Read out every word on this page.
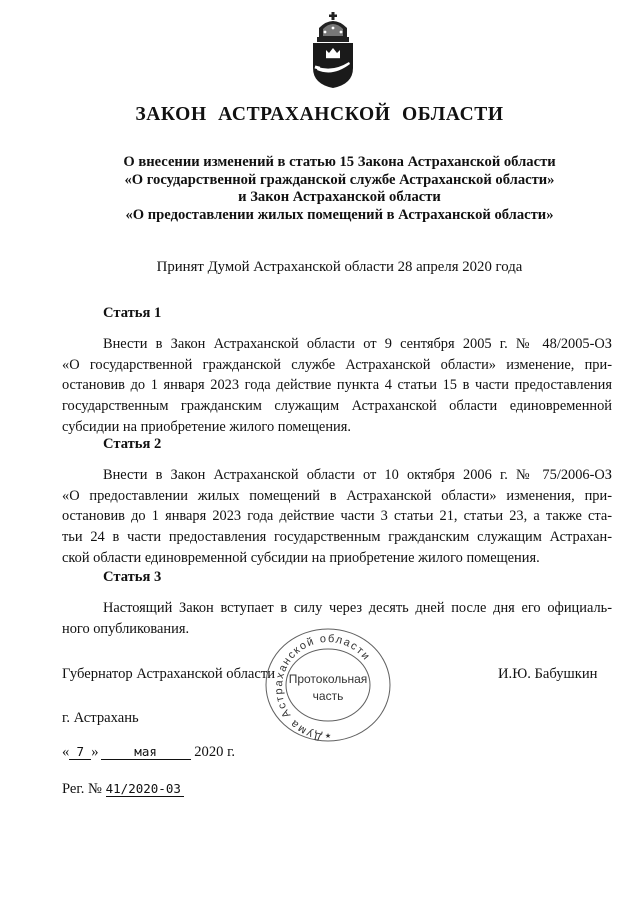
ЗАКОН АСТРАХАНСКОЙ ОБЛАСТИ
О внесении изменений в статью 15 Закона Астраханской области
«О государственной гражданской службе Астраханской области»
и Закон Астраханской области
«О предоставлении жилых помещений в Астраханской области»
Принят Думой Астраханской области 28 апреля 2020 года
Статья 1
Внести в Закон Астраханской области от 9 сентября 2005 г. № 48/2005-ОЗ
«О государственной гражданской службе Астраханской области» изменение, при-
остановив до 1 января 2023 года действие пункта 4 статьи 15 в части предоставления
государственным гражданским служащим Астраханской области единовременной
субсидии на приобретение жилого помещения.
Статья 2
Внести в Закон Астраханской области от 10 октября 2006 г. № 75/2006-ОЗ
«О предоставлении жилых помещений в Астраханской области» изменения, при-
остановив до 1 января 2023 года действие части 3 статьи 21, статьи 23, а также ста-
тьи 24 в части предоставления государственным гражданским служащим Астрахан-
ской области единовременной субсидии на приобретение жилого помещения.
Статья 3
Настоящий Закон вступает в силу через десять дней после дня его официаль-
ного опубликования.
Губернатор Астраханской области	И.Ю. Бабушкин
Дума Астраханской области
Протокольная
часть
★
г. Астрахань
« 7 »	мая	2020 г.
Рег. № 41/2020-03
